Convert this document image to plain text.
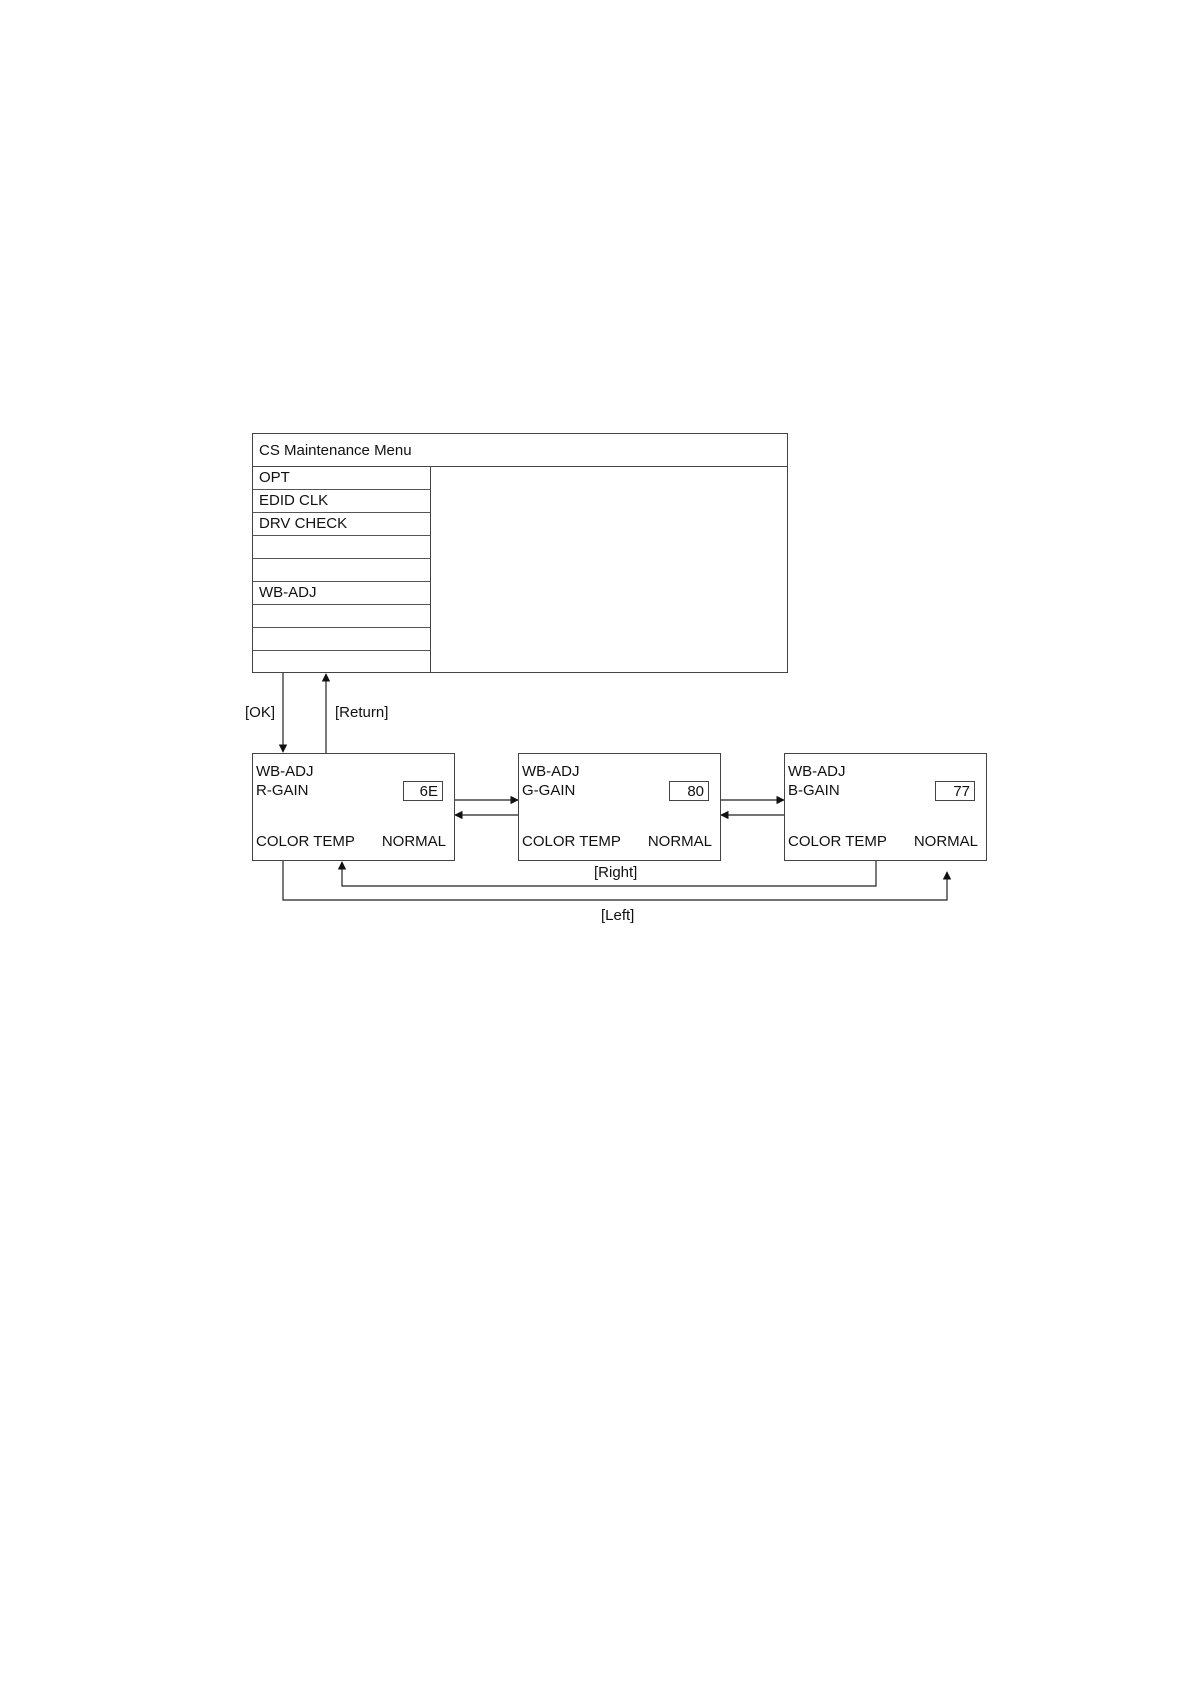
CS Maintenance Menu
OPT
EDID CLK
DRV CHECK
WB-ADJ
[OK]	[Return]
[Right]
[Left]
WB-ADJ
R-GAIN	6E
COLOR TEMP NORMAL
WB-ADJ
G-GAIN	80
COLOR TEMP NORMAL
WB-ADJ
B-GAIN	77
COLOR TEMP NORMAL
